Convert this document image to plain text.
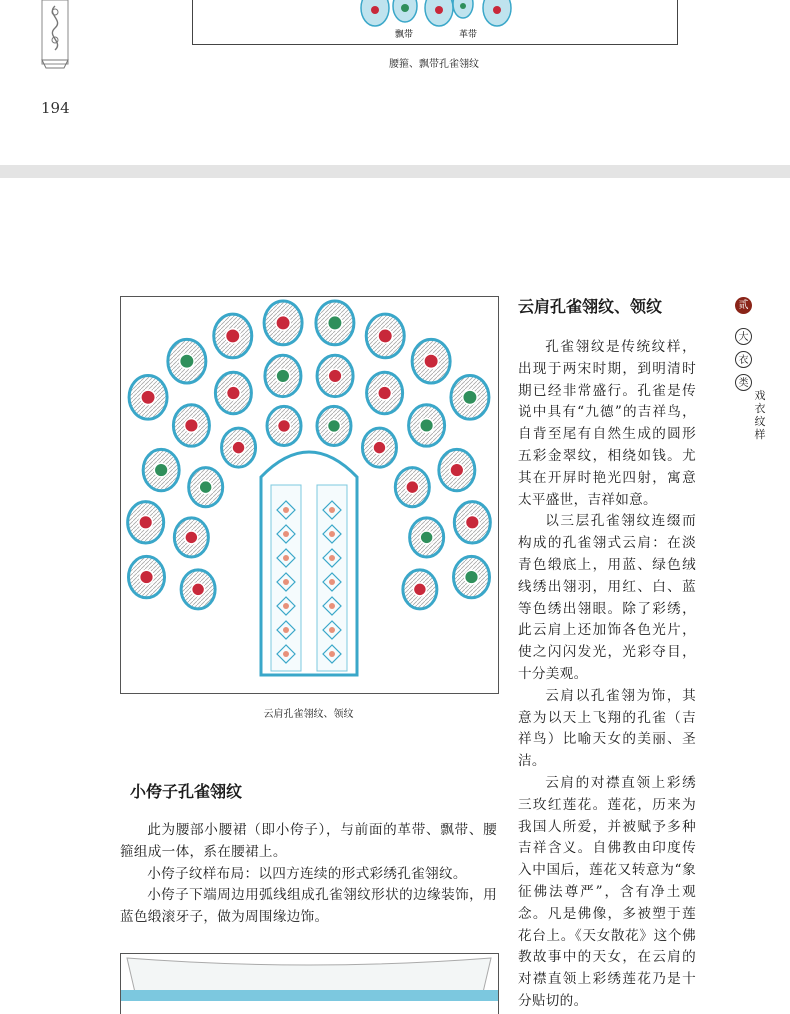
飘带	革带
腰箍、飘带孔雀翎纹
194
云肩孔雀翎纹、领纹
云肩孔雀翎纹、领纹

孔雀翎纹是传统纹样，出现于两宋时期，到明清时期已经非常盛行。孔雀是传说中具有“九德”的吉祥鸟，自背至尾有自然生成的圆形五彩金翠纹，相绕如钱。尤其在开屏时艳光四射，寓意太平盛世，吉祥如意。

以三层孔雀翎纹连缀而构成的孔雀翎式云肩：在淡青色缎底上，用蓝、绿色绒线绣出翎羽，用红、白、蓝等色绣出翎眼。除了彩绣，此云肩上还加饰各色光片，使之闪闪发光，光彩夺目，十分美观。

云肩以孔雀翎为饰，其意为以天上飞翔的孔雀（吉祥鸟）比喻天女的美丽、圣洁。

云肩的对襟直领上彩绣三玫红莲花。莲花，历来为我国人所爱，并被赋予多种吉祥含义。自佛教由印度传入中国后，莲花又转意为“象征佛法尊严”，含有净土观念。凡是佛像，多被塑于莲花台上。《天女散花》这个佛教故事中的天女，在云肩的对襟直领上彩绣莲花乃是十分贴切的。

贰
大
衣
类
戏衣纹样
小侉子孔雀翎纹

此为腰部小腰裙（即小侉子），与前面的革带、飘带、腰箍组成一体，系在腰裙上。

小侉子纹样布局：以四方连续的形式彩绣孔雀翎纹。

小侉子下端周边用弧线组成孔雀翎纹形状的边缘装饰，用蓝色缎滚牙子，做为周围缘边饰。
